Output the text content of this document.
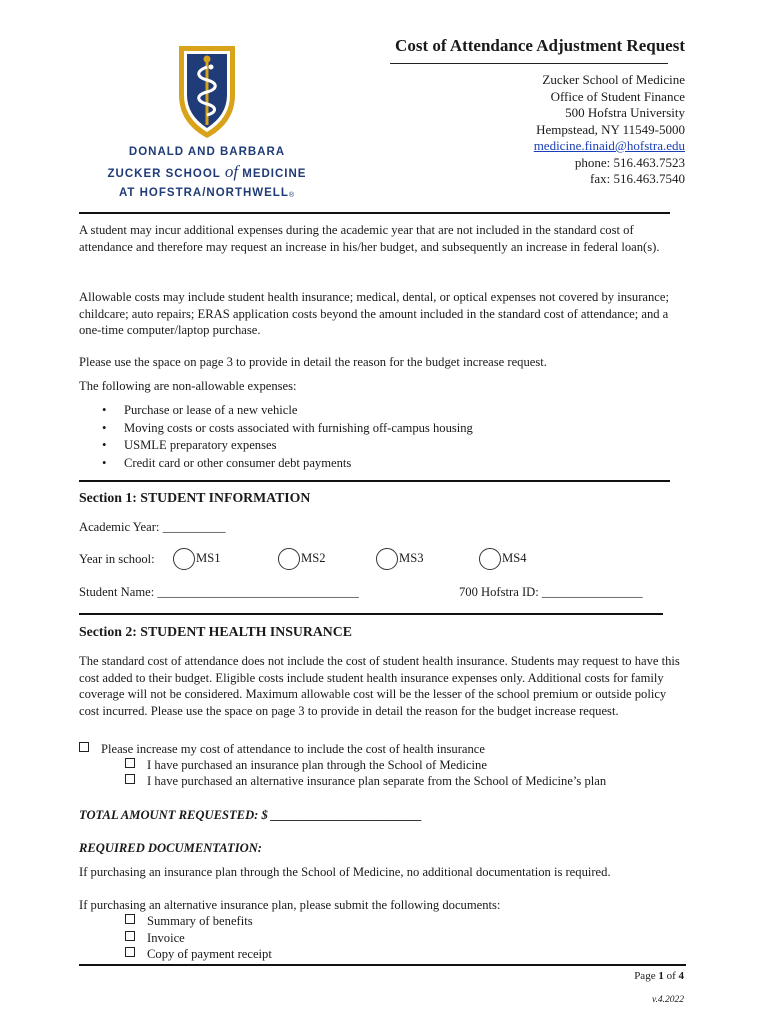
DONALD AND BARBARA
ZUCKER SCHOOL of MEDICINE
AT HOFSTRA/NORTHWELL®
Cost of Attendance Adjustment Request
Zucker School of Medicine
Office of Student Finance
500 Hofstra University
Hempstead, NY 11549-5000
medicine.finaid@hofstra.edu
phone: 516.463.7523
fax: 516.463.7540
A student may incur additional expenses during the academic year that are not included in the standard cost of attendance and therefore may request an increase in his/her budget, and subsequently an increase in federal loan(s).
Allowable costs may include student health insurance; medical, dental, or optical expenses not covered by insurance; childcare; auto repairs; ERAS application costs beyond the amount included in the standard cost of attendance; and a one-time computer/laptop purchase.
Please use the space on page 3 to provide in detail the reason for the budget increase request.
The following are non-allowable expenses:
• Purchase or lease of a new vehicle
• Moving costs or costs associated with furnishing off-campus housing
• USMLE preparatory expenses
• Credit card or other consumer debt payments
Section 1: STUDENT INFORMATION
Academic Year: __________
Year in school:	MS1	MS2	MS3	MS4
Student Name: ________________________________	700 Hofstra ID: ________________
Section 2: STUDENT HEALTH INSURANCE
The standard cost of attendance does not include the cost of student health insurance. Students may request to have this cost added to their budget. Eligible costs include student health insurance expenses only. Additional costs for family coverage will not be considered. Maximum allowable cost will be the lesser of the school premium or outside policy cost incurred. Please use the space on page 3 to provide in detail the reason for the budget increase request.
Please increase my cost of attendance to include the cost of health insurance
I have purchased an insurance plan through the School of Medicine
I have purchased an alternative insurance plan separate from the School of Medicine’s plan
TOTAL AMOUNT REQUESTED: $ ________________________
REQUIRED DOCUMENTATION:
If purchasing an insurance plan through the School of Medicine, no additional documentation is required.
If purchasing an alternative insurance plan, please submit the following documents:
Summary of benefits
Invoice
Copy of payment receipt
Page 1 of 4
v.4.2022
